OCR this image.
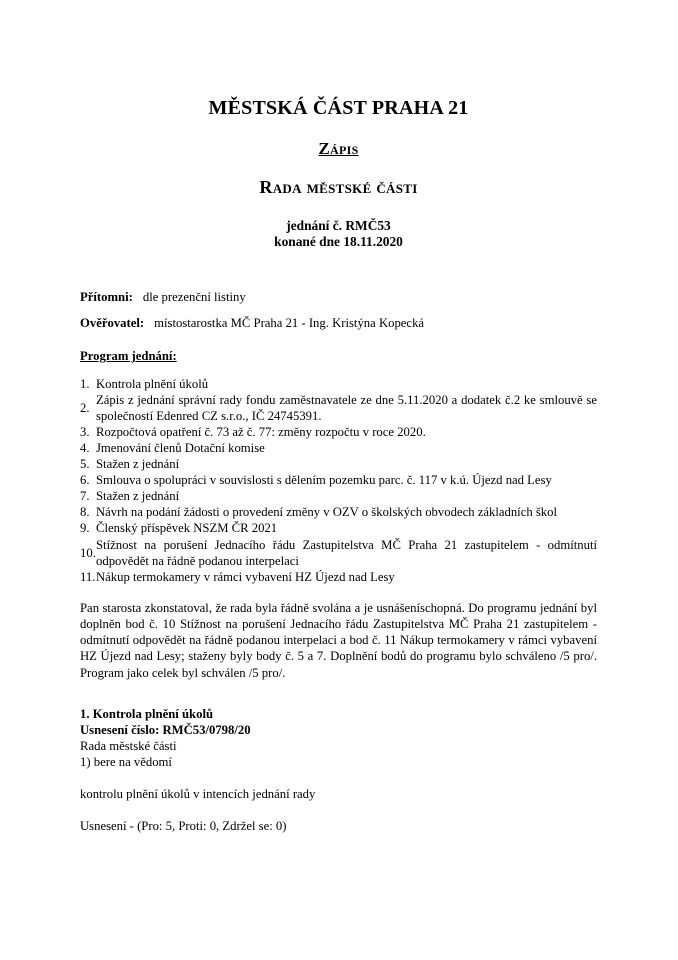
MĚSTSKÁ ČÁST PRAHA 21
Zápis
Rada městské části
jednání č. RMČ53
konané dne 18.11.2020
Přítomni: dle prezenční listiny
Ověřovatel: místostarostka MČ Praha 21 - Ing. Kristýna Kopecká
Program jednání:
1. Kontrola plnění úkolů
2.
Zápis z jednání správní rady fondu zaměstnavatele ze dne 5.11.2020 a dodatek č.2 ke smlouvě se společností Edenred CZ s.r.o., IČ 24745391.
3. Rozpočtová opatření č. 73 až č. 77: změny rozpočtu v roce 2020.
4. Jmenování členů Dotační komise
5. Stažen z jednání
6. Smlouva o spolupráci v souvislosti s dělením pozemku parc. č. 117 v k.ú. Újezd nad Lesy
7. Stažen z jednání
8. Návrh na podání žádosti o provedení změny v OZV o školských obvodech základních škol
9. Členský příspěvek NSZM ČR 2021
10.
Stížnost na porušení Jednacího řádu Zastupitelstva MČ Praha 21 zastupitelem - odmítnutí odpovědět na řádně podanou interpelaci
11. Nákup termokamery v rámci vybavení HZ Újezd nad Lesy

Pan starosta zkonstatoval, že rada byla řádně svolána a je usnášeníschopná. Do programu jednání byl doplněn bod č. 10 Stížnost na porušení Jednacího řádu Zastupitelstva MČ Praha 21 zastupitelem - odmítnutí odpovědět na řádně podanou interpelaci a bod č. 11 Nákup termokamery v rámci vybavení HZ Újezd nad Lesy; staženy byly body č. 5 a 7. Doplnění bodů do programu bylo schváleno /5 pro/. Program jako celek byl schválen /5 pro/.

1. Kontrola plnění úkolů
Usnesení číslo: RMČ53/0798/20
Rada městské části
1) bere na vědomí
kontrolu plnění úkolů v intencích jednání rady
Usnesení - (Pro: 5, Proti: 0, Zdržel se: 0)
